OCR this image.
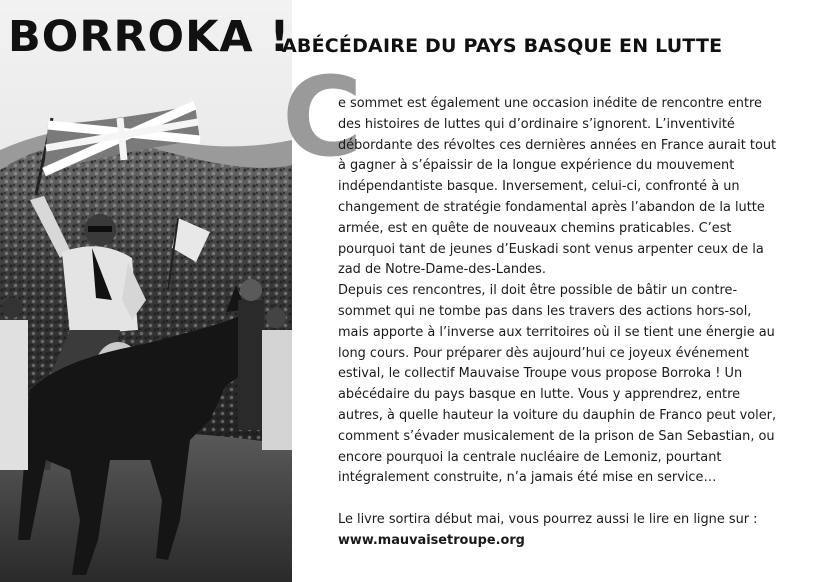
BORROKA !
ABÉCÉDAIRE DU PAYS BASQUE EN LUTTE
C

e sommet est également une occasion inédite de rencontre entre
des histoires de luttes qui d’ordinaire s’ignorent. L’inventivité
débordante des révoltes ces dernières années en France aurait tout
à gagner à s’épaissir de la longue expérience du mouvement
indépendantiste basque. Inversement, celui-ci, confronté à un
changement de stratégie fondamental après l’abandon de la lutte
armée, est en quête de nouveaux chemins praticables. C’est
pourquoi tant de jeunes d’Euskadi sont venus arpenter ceux de la
zad de Notre-Dame-des-Landes.

Depuis ces rencontres, il doit être possible de bâtir un contre-
sommet qui ne tombe pas dans les travers des actions hors-sol,
mais apporte à l’inverse aux territoires où il se tient une énergie au
long cours. Pour préparer dès aujourd’hui ce joyeux événement
estival, le collectif Mauvaise Troupe vous propose Borroka ! Un
abécédaire du pays basque en lutte. Vous y apprendrez, entre
autres, à quelle hauteur la voiture du dauphin de Franco peut voler,
comment s’évader musicalement de la prison de San Sebastian, ou
encore pourquoi la centrale nucléaire de Lemoniz, pourtant
intégralement construite, n’a jamais été mise en service…

Le livre sortira début mai, vous pourrez aussi le lire en ligne sur :
www.mauvaisetroupe.org
